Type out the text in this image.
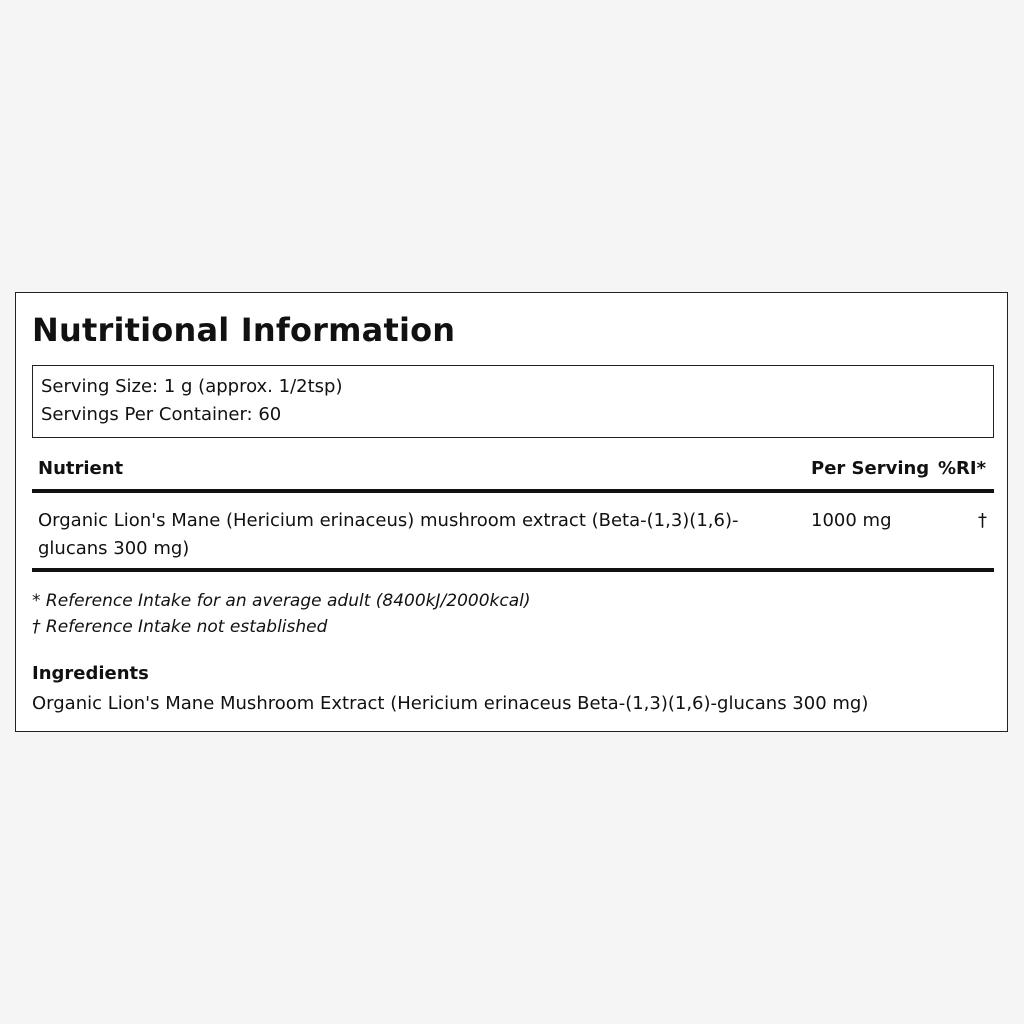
Nutritional Information
Serving Size: 1 g (approx. 1/2tsp)
Servings Per Container: 60
Nutrient	Per Serving %RI*
Organic Lion's Mane (Hericium erinaceus) mushroom extract (Beta-(1,3)(1,6)-glucans 300 mg)
1000 mg	†
* Reference Intake for an average adult (8400kJ/2000kcal)
† Reference Intake not established
Ingredients
Organic Lion's Mane Mushroom Extract (Hericium erinaceus Beta-(1,3)(1,6)-glucans 300 mg)
